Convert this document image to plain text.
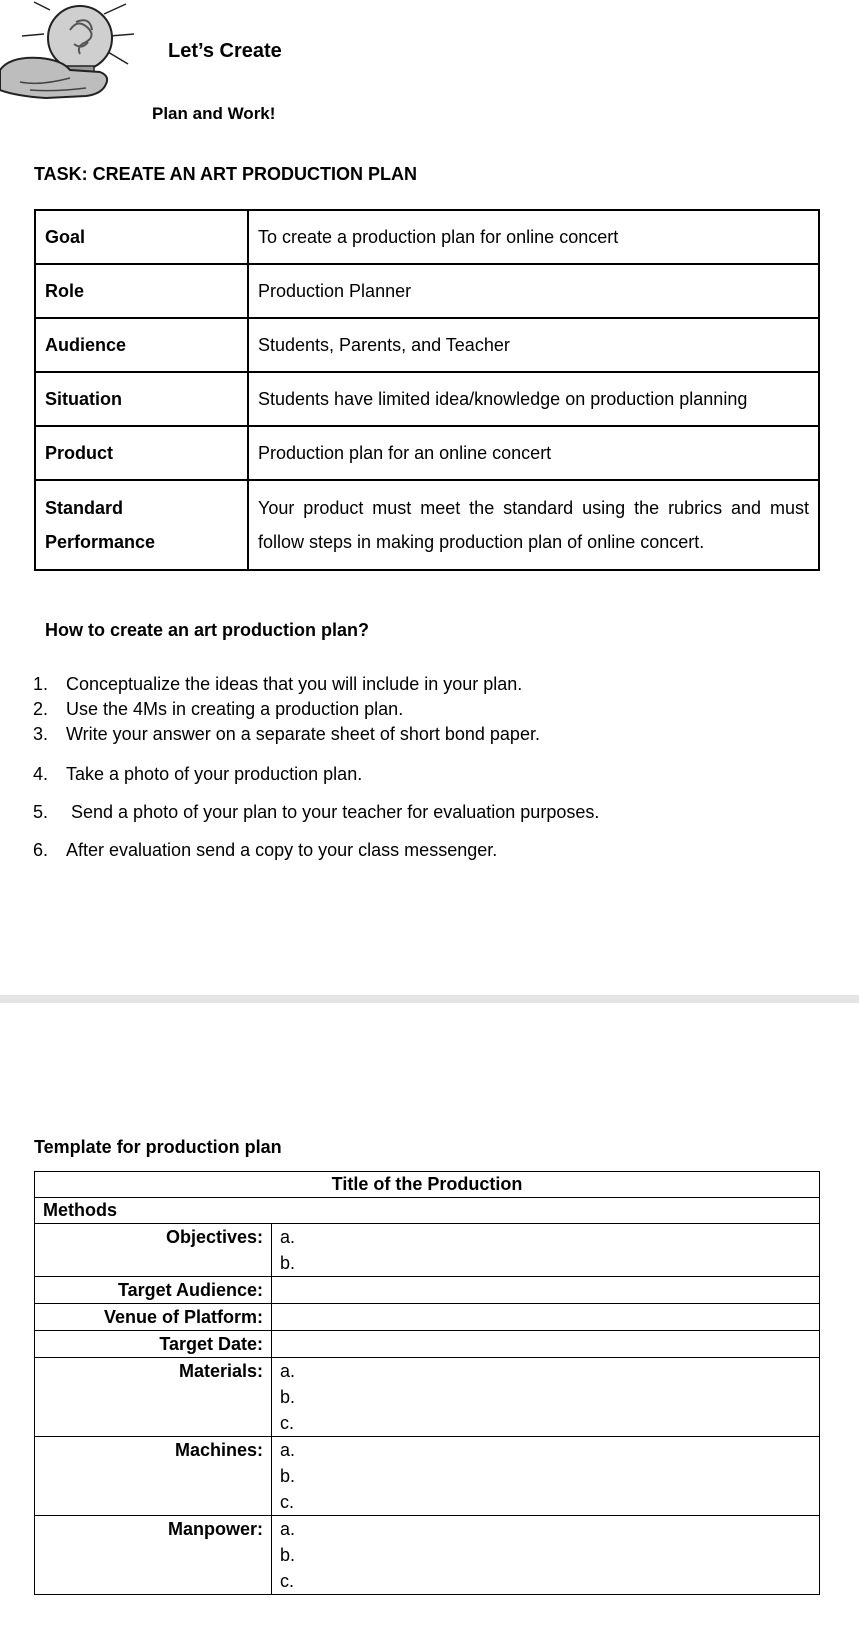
Let’s Create
Plan and Work!
TASK: CREATE AN ART PRODUCTION PLAN
Goal	To create a production plan for online concert
Role	Production Planner
Audience	Students, Parents, and Teacher
Situation	Students have limited idea/knowledge on production planning
Product	Production plan for an online concert

Standard
Performance	Your product must meet the standard using the rubrics and must follow steps in making production plan of online concert.
How to create an art production plan?
1. Conceptualize the ideas that you will include in your plan.
2. Use the 4Ms in creating a production plan.
3. Write your answer on a separate sheet of short bond paper.
4. Take a photo of your production plan.
5. Send a photo of your plan to your teacher for evaluation purposes.
6. After evaluation send a copy to your class messenger.
Template for production plan
Title of the Production	
Methods	

Objectives:	a.
b.

Target Audience:	

Venue of Platform:	

Target Date:	

Materials:	a.
b.
c.

Machines:	a.
b.
c.

Manpower:	a.
b.
c.
